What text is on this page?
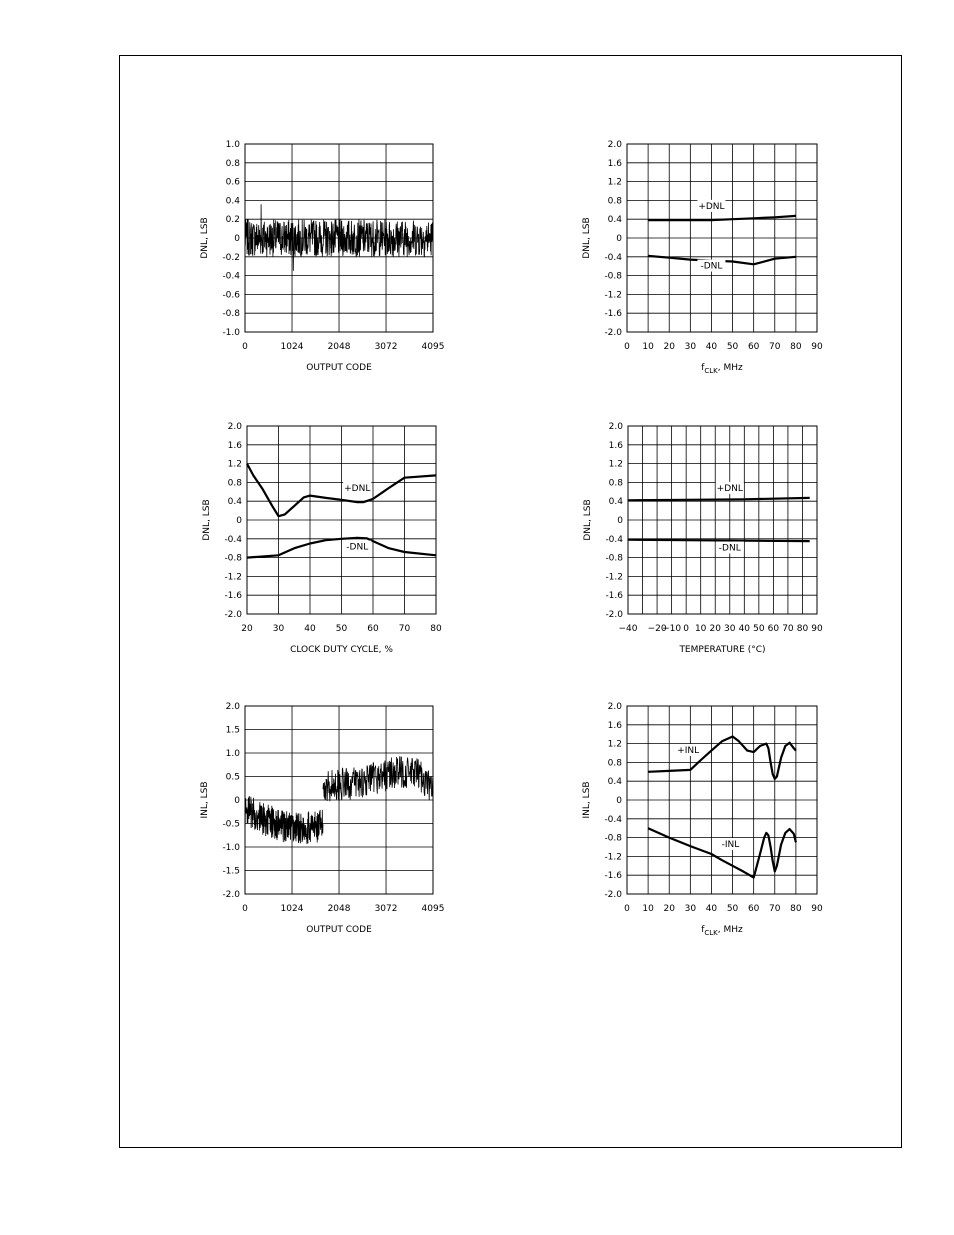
1.0
0.8
0.6
0.4
0.2
0
-0.2
-0.4
-0.6
-0.8
-1.0
0	1024	2048	3072	4095
OUTPUT CODE
DNL, LSB
2.0
1.6
1.2
0.8
0.4
0
-0.4
-0.8
-1.2
-1.6
-2.0
0 10 20 30 40 50 60 70 80 90
$f_{CLK}$, MHz
DNL, LSB
+DNL
-DNL
2.0
1.6
1.2
0.8
0.4
0
-0.4
-0.8
-1.2
-1.6
-2.0
20 30 40 50 60 70 80
CLOCK DUTY CYCLE, %
DNL, LSB
+DNL
-DNL
2.0
1.6
1.2
0.8
0.4
0
-0.4
-0.8
-1.2
-1.6
-2.0
−40 −20
−10 0 10 20 30 40 50 60 70 80 90
TEMPERATURE (°C)
DNL, LSB
+DNL
-DNL
2.0
1.5
1.0
0.5
0
-0.5
-1.0
-1.5
-2.0
0	1024	2048	3072	4095
OUTPUT CODE
INL, LSB
2.0
1.6
1.2
0.8
0.4
0
-0.4
-0.8
-1.2
-1.6
-2.0
0 10 20 30 40 50 60 70 80 90
$f_{CLK}$, MHz
INL, LSB
+INL
-INL
